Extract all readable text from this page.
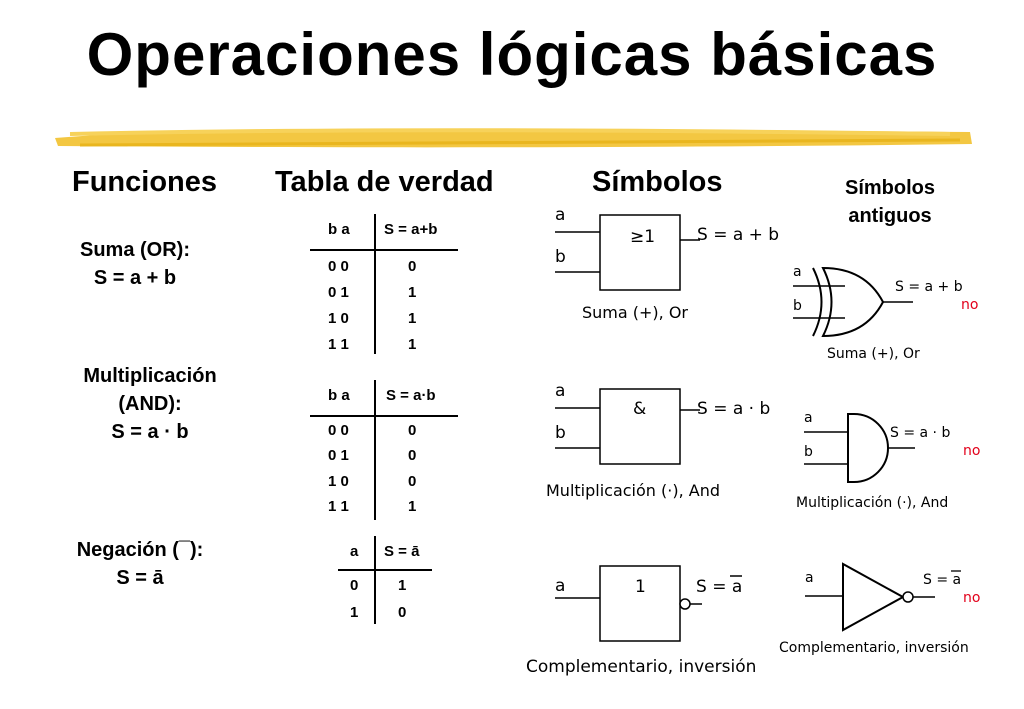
Operaciones lógicas básicas
Funciones Tabla de verdad	Símbolos	Símbolos
antiguos
Suma (OR):
S = a + b
Multiplicación
(AND):
S = a · b
Negación (¯):
S = ā
b a S = a+b
0 0	0
0 1	1
1 0	1
1 1	1
b a S = a·b
0 0	0
0 1	0
1 0	0
1 1	1
a S = ā
0	1
1	0
a
b
≥1 S = a + b
Suma (+), Or
a
b
&	S = a · b
Multiplicación (·), And
a	1	S = a
Complementario, inversión
a
b
S = a + b
no
Suma (+), Or
a
b
S = a · b
no
Multiplicación (·), And
a	S = a
no
Complementario, inversión
